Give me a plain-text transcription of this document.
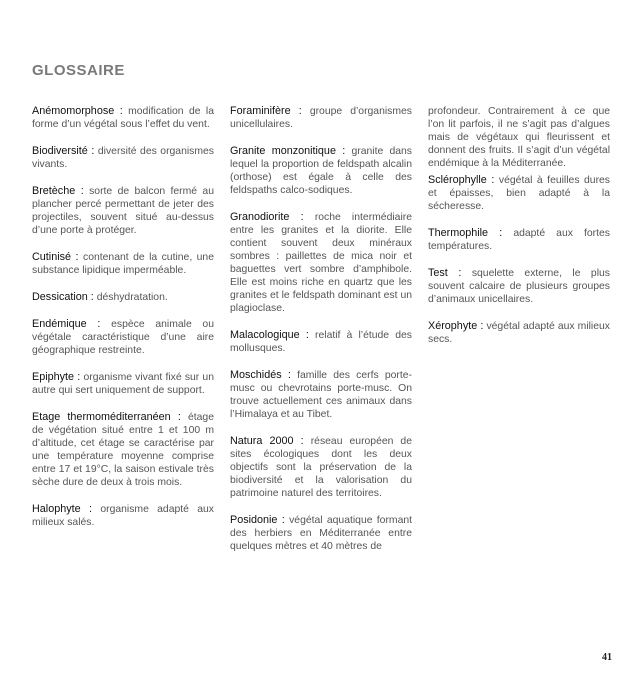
GLOSSAIRE

Anémomorphose : modification de la forme d’un végétal sous l’effet du vent.

Biodiversité : diversité des organismes vivants.

Bretèche : sorte de balcon fermé au plancher percé permettant de jeter des projectiles, souvent situé au-dessus d’une porte à protéger.

Cutinisé : contenant de la cutine, une substance lipidique imperméable.

Dessication : déshydratation.

Endémique : espèce animale ou végétale caractéristique d’une aire géographique restreinte.

Epiphyte : organisme vivant fixé sur un autre qui sert uniquement de support.

Etage thermoméditerranéen : étage de végétation situé entre 1 et 100 m d’altitude, cet étage se caractérise par une température moyenne comprise entre 17 et 19°C, la saison estivale très sèche dure de deux à trois mois.

Halophyte : organisme adapté aux milieux salés.

Foraminifère : groupe d’organismes unicellulaires.

Granite monzonitique : granite dans lequel la proportion de feldspath alcalin (orthose) est égale à celle des feldspaths calco-sodiques.

Granodiorite : roche intermédiaire entre les granites et la diorite. Elle contient souvent deux minéraux sombres : paillettes de mica noir et baguettes vert sombre d’amphibole. Elle est moins riche en quartz que les granites et le feldspath dominant est un plagioclase.

Malacologique : relatif à l’étude des mollusques.

Moschidés : famille des cerfs porte-musc ou chevrotains porte-musc. On trouve actuellement ces animaux dans l’Himalaya et au Tibet.

Natura 2000 : réseau européen de sites écologiques dont les deux objectifs sont la préservation de la biodiversité et la valorisation du patrimoine naturel des territoires.

Posidonie : végétal aquatique formant des herbiers en Méditerranée entre quelques mètres et 40 mètres de

profondeur. Contrairement à ce que l’on lit parfois, il ne s’agit pas d’algues mais de végétaux qui fleurissent et donnent des fruits. Il s’agit d’un végétal endémique à la Méditerranée.

Sclérophylle : végétal à feuilles dures et épaisses, bien adapté à la sécheresse.

Thermophile : adapté aux fortes températures.

Test : squelette externe, le plus souvent calcaire de plusieurs groupes d’animaux unicellaires.

Xérophyte : végétal adapté aux milieux secs.

41
